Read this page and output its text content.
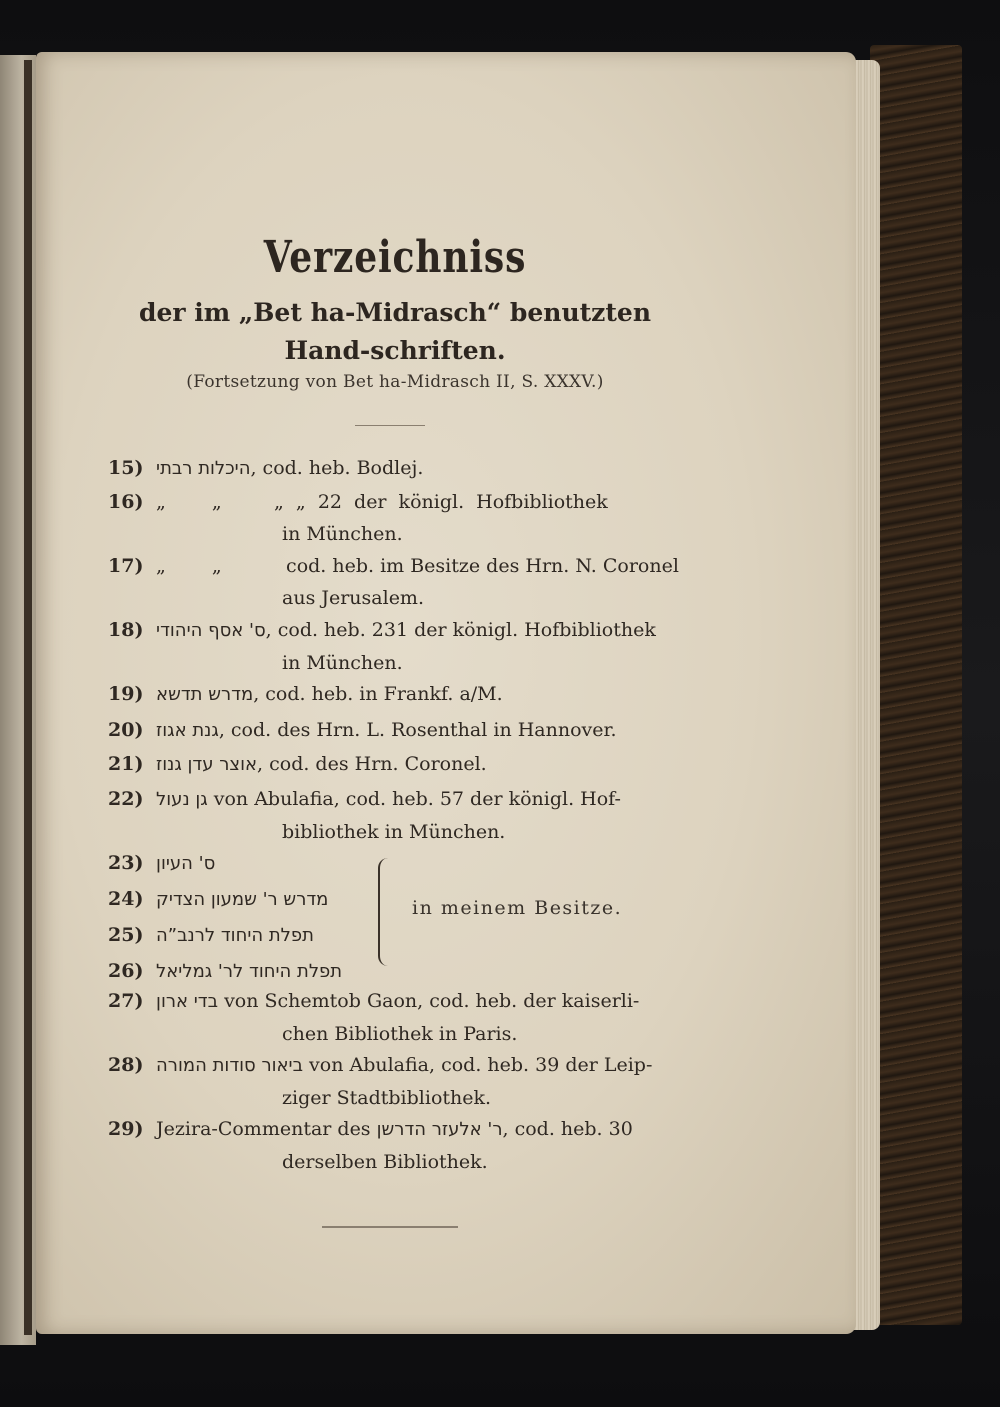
Verzeichniss
der im „Bet ha-Midrasch“ benutzten Hand-schriften.
(Fortsetzung von Bet ha-Midrasch II, S. XXXV.)
15) היכלות רבתי, cod. heb. Bodlej.
16) „ „ „ „ 22 der königl. Hofbibliothek
in München.
17) „ „ cod. heb. im Besitze des Hrn. N. Coronel
aus Jerusalem.
18) ס' אסף היהודי, cod. heb. 231 der königl. Hofbibliothek
in München.
19) מדרש תדשא, cod. heb. in Frankf. a/M.
20) גנת אגוז, cod. des Hrn. L. Rosenthal in Hannover.
21) אוצר עדן גנוז, cod. des Hrn. Coronel.
22) גן נעול von Abulafia, cod. heb. 57 der königl. Hof-
bibliothek in München.
23) ס' העיון
24) מדרש ר' שמעון הצדיק
25) תפלת היחוד לרנב”ה
26) תפלת היחוד לר' גמליאל
in meinem Besitze.
27) בדי ארון von Schemtob Gaon, cod. heb. der kaiserli-
chen Bibliothek in Paris.
28) ביאור סודות המורה von Abulafia, cod. heb. 39 der Leip-
ziger Stadtbibliothek.
29) Jezira-Commentar des ר' אלעזר הדרשן, cod. heb. 30
derselben Bibliothek.
